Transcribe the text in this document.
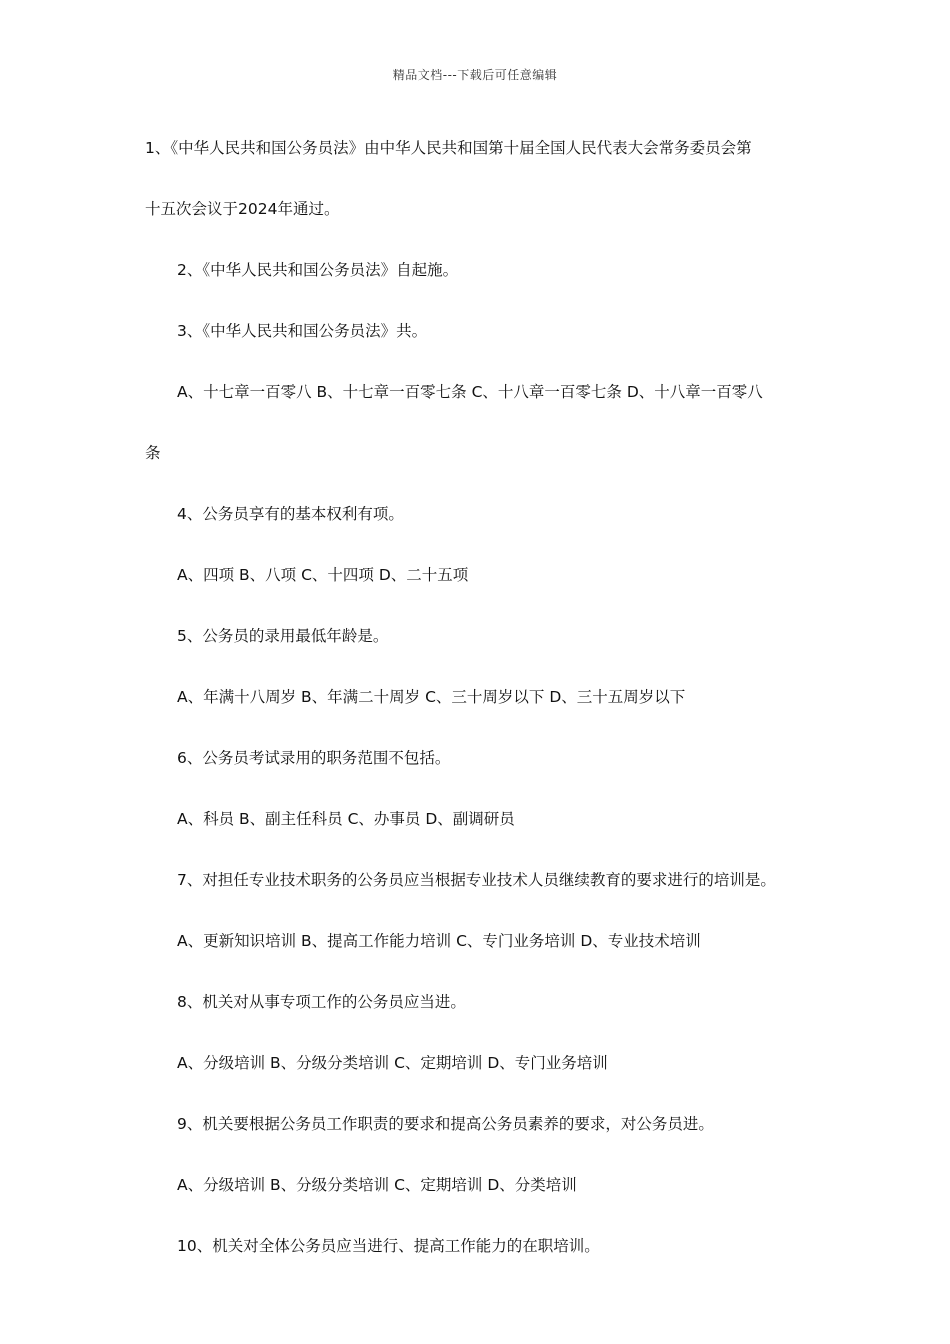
精品文档---下载后可任意编辑
1、《中华人民共和国公务员法》由中华人民共和国第十届全国人民代表大会常务委员会第
十五次会议于2024年通过。
2、《中华人民共和国公务员法》自起施。
3、《中华人民共和国公务员法》共。
A、十七章一百零八 B、十七章一百零七条 C、十八章一百零七条 D、十八章一百零八
条
4、公务员享有的基本权利有项。
A、四项 B、八项 C、十四项 D、二十五项
5、公务员的录用最低年龄是。
A、年满十八周岁 B、年满二十周岁 C、三十周岁以下 D、三十五周岁以下
6、公务员考试录用的职务范围不包括。
A、科员 B、副主任科员 C、办事员 D、副调研员
7、对担任专业技术职务的公务员应当根据专业技术人员继续教育的要求进行的培训是。
A、更新知识培训 B、提高工作能力培训 C、专门业务培训 D、专业技术培训
8、机关对从事专项工作的公务员应当进。
A、分级培训 B、分级分类培训 C、定期培训 D、专门业务培训
9、机关要根据公务员工作职责的要求和提高公务员素养的要求，对公务员进。
A、分级培训 B、分级分类培训 C、定期培训 D、分类培训
10、机关对全体公务员应当进行、提高工作能力的在职培训。
